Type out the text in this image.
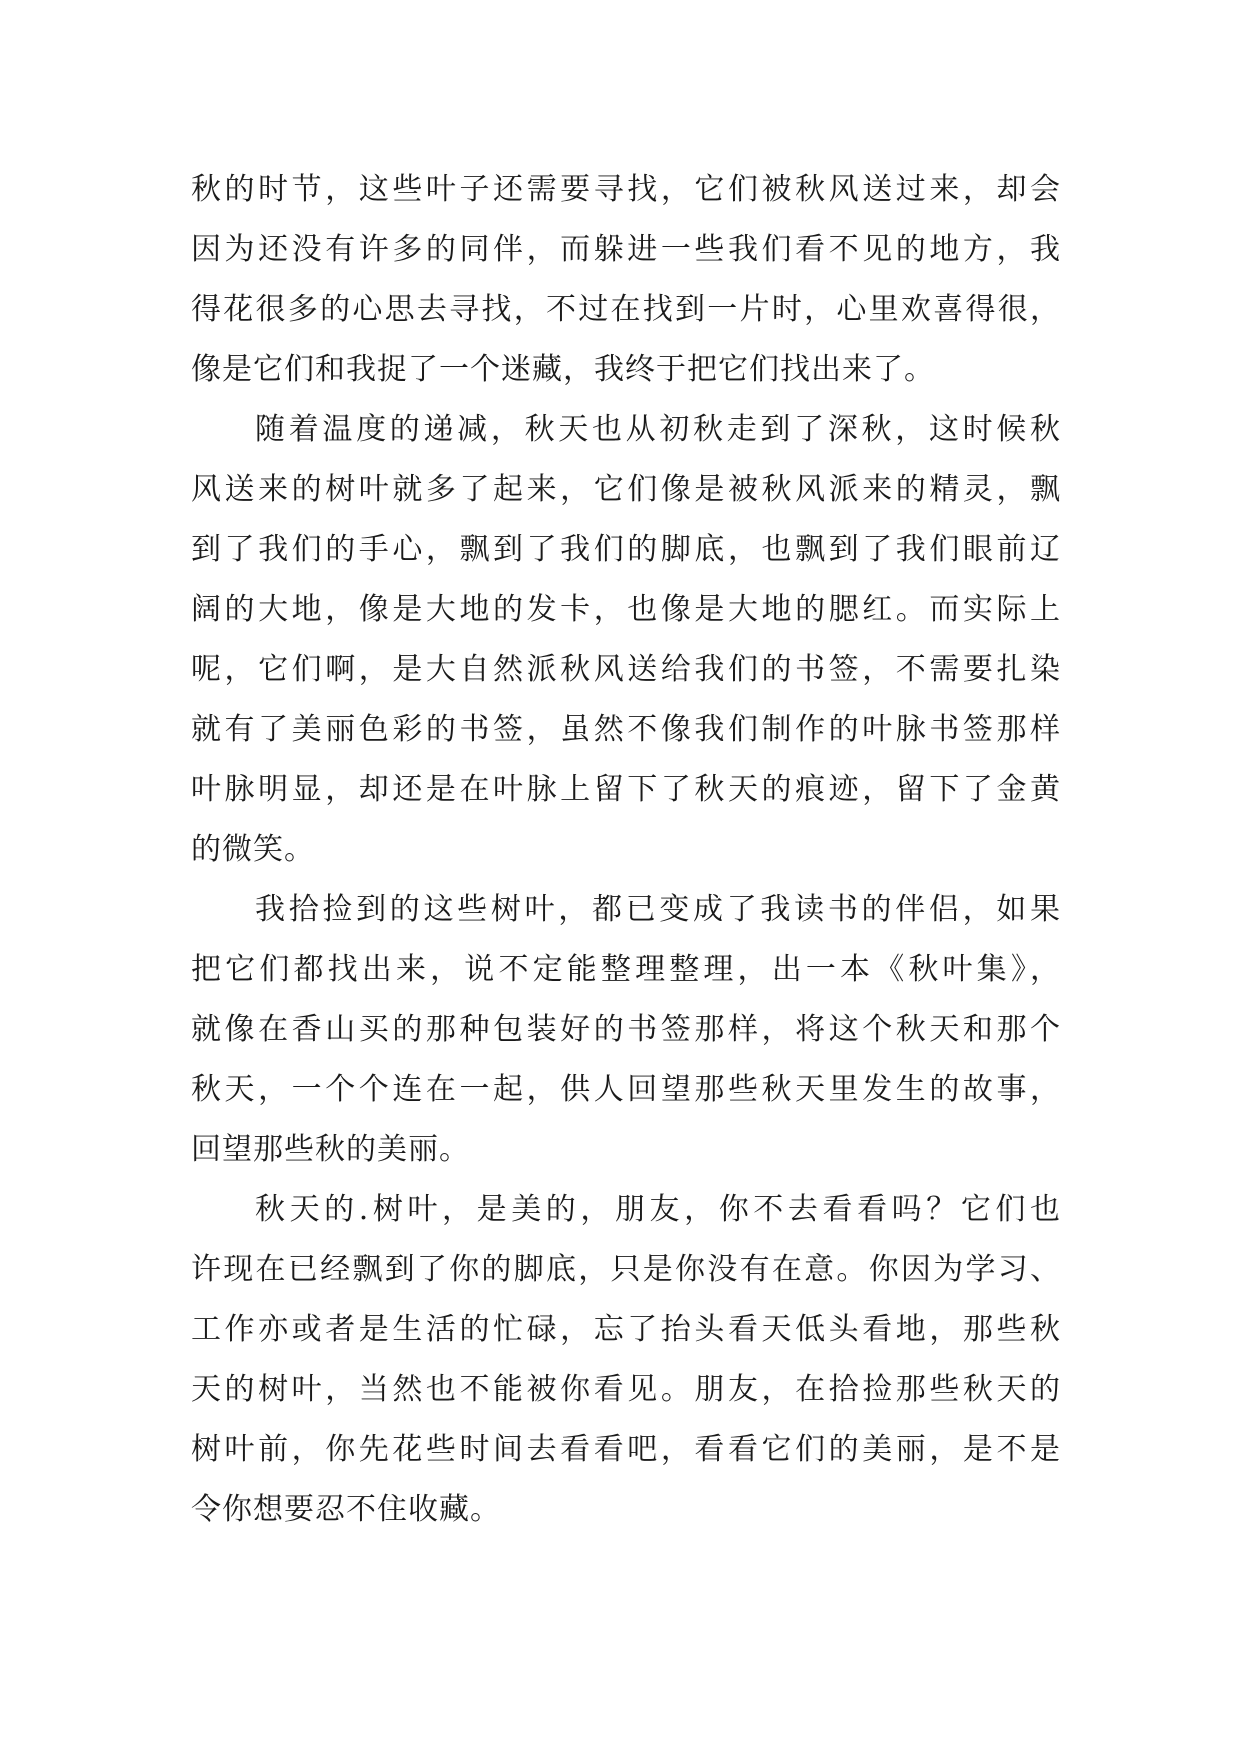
秋的时节，这些叶子还需要寻找，它们被秋风送过来，却会
因为还没有许多的同伴，而躲进一些我们看不见的地方，我
得花很多的心思去寻找，不过在找到一片时，心里欢喜得很，
像是它们和我捉了一个迷藏，我终于把它们找出来了。
随着温度的递减，秋天也从初秋走到了深秋，这时候秋
风送来的树叶就多了起来，它们像是被秋风派来的精灵，飘
到了我们的手心，飘到了我们的脚底，也飘到了我们眼前辽
阔的大地，像是大地的发卡，也像是大地的腮红。而实际上
呢，它们啊，是大自然派秋风送给我们的书签，不需要扎染
就有了美丽色彩的书签，虽然不像我们制作的叶脉书签那样
叶脉明显，却还是在叶脉上留下了秋天的痕迹，留下了金黄
的微笑。
我拾捡到的这些树叶，都已变成了我读书的伴侣，如果
把它们都找出来，说不定能整理整理，出一本《秋叶集》，
就像在香山买的那种包装好的书签那样，将这个秋天和那个
秋天，一个个连在一起，供人回望那些秋天里发生的故事，
回望那些秋的美丽。
秋天的.树叶，是美的，朋友，你不去看看吗？它们也
许现在已经飘到了你的脚底，只是你没有在意。你因为学习、
工作亦或者是生活的忙碌，忘了抬头看天低头看地，那些秋
天的树叶，当然也不能被你看见。朋友，在拾捡那些秋天的
树叶前，你先花些时间去看看吧，看看它们的美丽，是不是
令你想要忍不住收藏。
